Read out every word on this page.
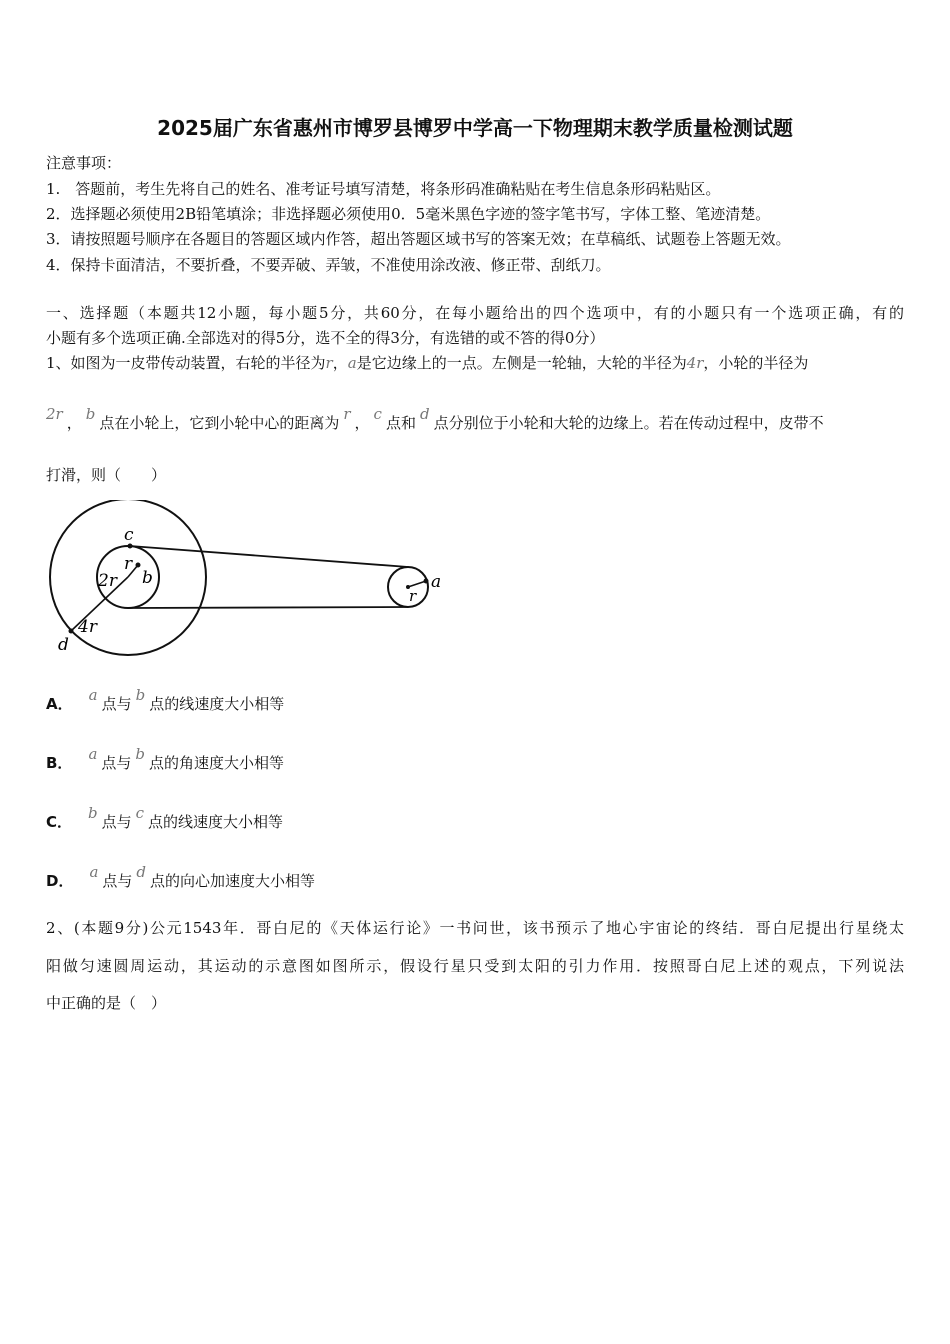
2025届广东省惠州市博罗县博罗中学高一下物理期末教学质量检测试题
注意事项：
1.　答题前，考生先将自己的姓名、准考证号填写清楚，将条形码准确粘贴在考生信息条形码粘贴区。
2．选择题必须使用2B铅笔填涂；非选择题必须使用0．5毫米黑色字迹的签字笔书写，字体工整、笔迹清楚。
3．请按照题号顺序在各题目的答题区域内作答，超出答题区域书写的答案无效；在草稿纸、试题卷上答题无效。
4．保持卡面清洁，不要折叠，不要弄破、弄皱，不准使用涂改液、修正带、刮纸刀。
一、选择题（本题共12小题，每小题5分，共60分，在每小题给出的四个选项中，有的小题只有一个选项正确，有的
小题有多个选项正确.全部选对的得5分，选不全的得3分，有选错的或不答的得0分）
1、如图为一皮带传动装置，右轮的半径为r，a是它边缘上的一点。左侧是一轮轴，大轮的半径为4r，小轮的半径为
2r ， b 点在小轮上，它到小轮中心的距离为 r ， c 点和 d 点分别位于小轮和大轮的边缘上。若在传动过程中，皮带不
打滑，则（　　）
c
r
2r b
4r
d
a
r
A． a 点与 b 点的线速度大小相等
B． a 点与 b 点的角速度大小相等
C． b 点与 c 点的线速度大小相等
D． a 点与 d 点的向心加速度大小相等
2、(本题9分)公元1543年．哥白尼的《天体运行论》一书问世，该书预示了地心宇宙论的终结．哥白尼提出行星绕太
阳做匀速圆周运动，其运动的示意图如图所示，假设行星只受到太阳的引力作用．按照哥白尼上述的观点，下列说法
中正确的是（　）
